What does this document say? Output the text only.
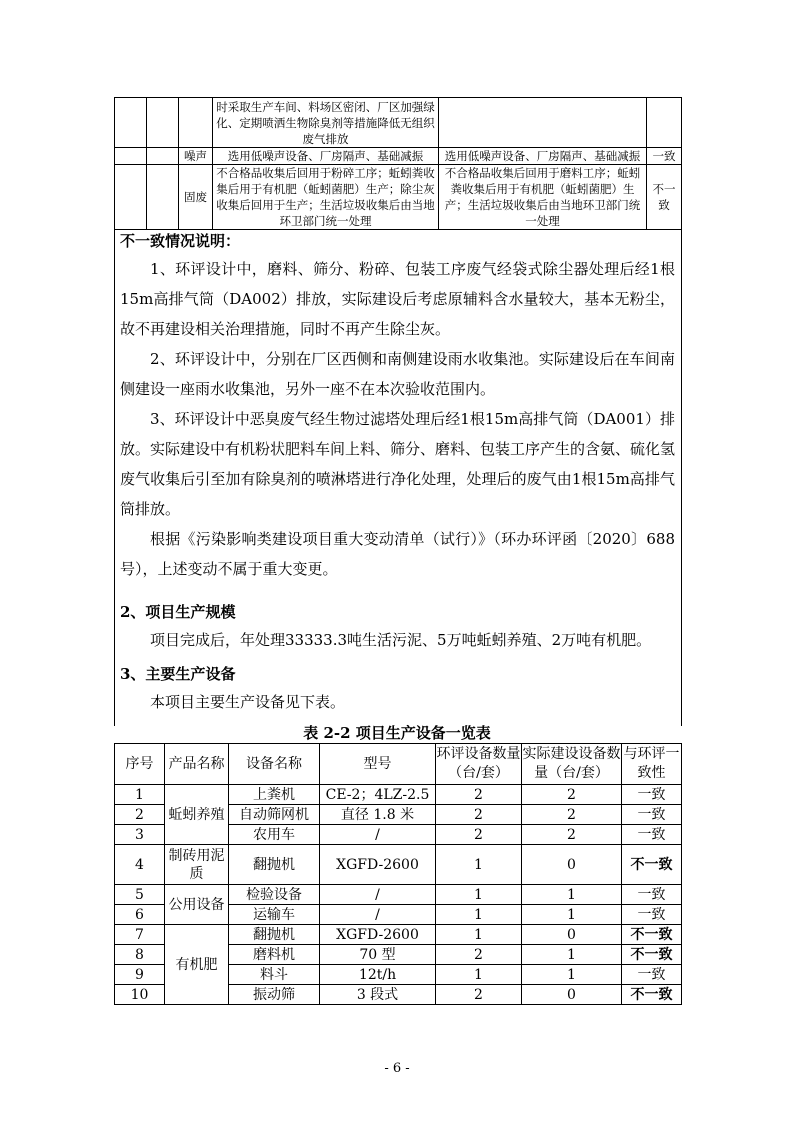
			时采取生产车间、料场区密闭、厂区加强绿化、定期喷洒生物除臭剂等措施降低无组织废气排放		
		噪声	选用低噪声设备、厂房隔声、基础减振	选用低噪声设备、厂房隔声、基础减振	一致
		固废	不合格品收集后回用于粉碎工序；蚯蚓粪收集后用于有机肥（蚯蚓菌肥）生产；除尘灰收集后回用于生产；生活垃圾收集后由当地环卫部门统一处理	不合格品收集后回用于磨料工序；蚯蚓粪收集后用于有机肥（蚯蚓菌肥）生产；生活垃圾收集后由当地环卫部门统一处理	不一致

不一致情况说明：

1、环评设计中，磨料、筛分、粉碎、包装工序废气经袋式除尘器处理后经1根15m高排气筒（DA002）排放，实际建设后考虑原辅料含水量较大，基本无粉尘，故不再建设相关治理措施，同时不再产生除尘灰。

2、环评设计中，分别在厂区西侧和南侧建设雨水收集池。实际建设后在车间南侧建设一座雨水收集池，另外一座不在本次验收范围内。

3、环评设计中恶臭废气经生物过滤塔处理后经1根15m高排气筒（DA001）排放。实际建设中有机粉状肥料车间上料、筛分、磨料、包装工序产生的含氨、硫化氢废气收集后引至加有除臭剂的喷淋塔进行净化处理，处理后的废气由1根15m高排气筒排放。

根据《污染影响类建设项目重大变动清单（试行）》（环办环评函〔2020〕688号），上述变动不属于重大变更。

2、项目生产规模

项目完成后，年处理33333.3吨生活污泥、5万吨蚯蚓养殖、2万吨有机肥。

3、主要生产设备

本项目主要生产设备见下表。

表 2-2 项目生产设备一览表

序号	产品名称	设备名称	型号	环评设备数量（台/套）	实际建设设备数量（台/套）	与环评一致性
1	蚯蚓养殖	上粪机	CE-2；4LZ-2.5	2	2	一致
2		自动筛网机	直径 1.8 米	2	2	一致
3		农用车	/	2	2	一致
4	制砖用泥质	翻抛机	XGFD-2600	1	0	不一致
5	公用设备	检验设备	/	1	1	一致
6		运输车	/	1	1	一致
7	有机肥	翻抛机	XGFD-2600	1	0	不一致
8		磨料机	70 型	2	1	不一致
9		料斗	12t/h	1	1	一致
10		振动筛	3 段式	2	0	不一致

- 6 -
